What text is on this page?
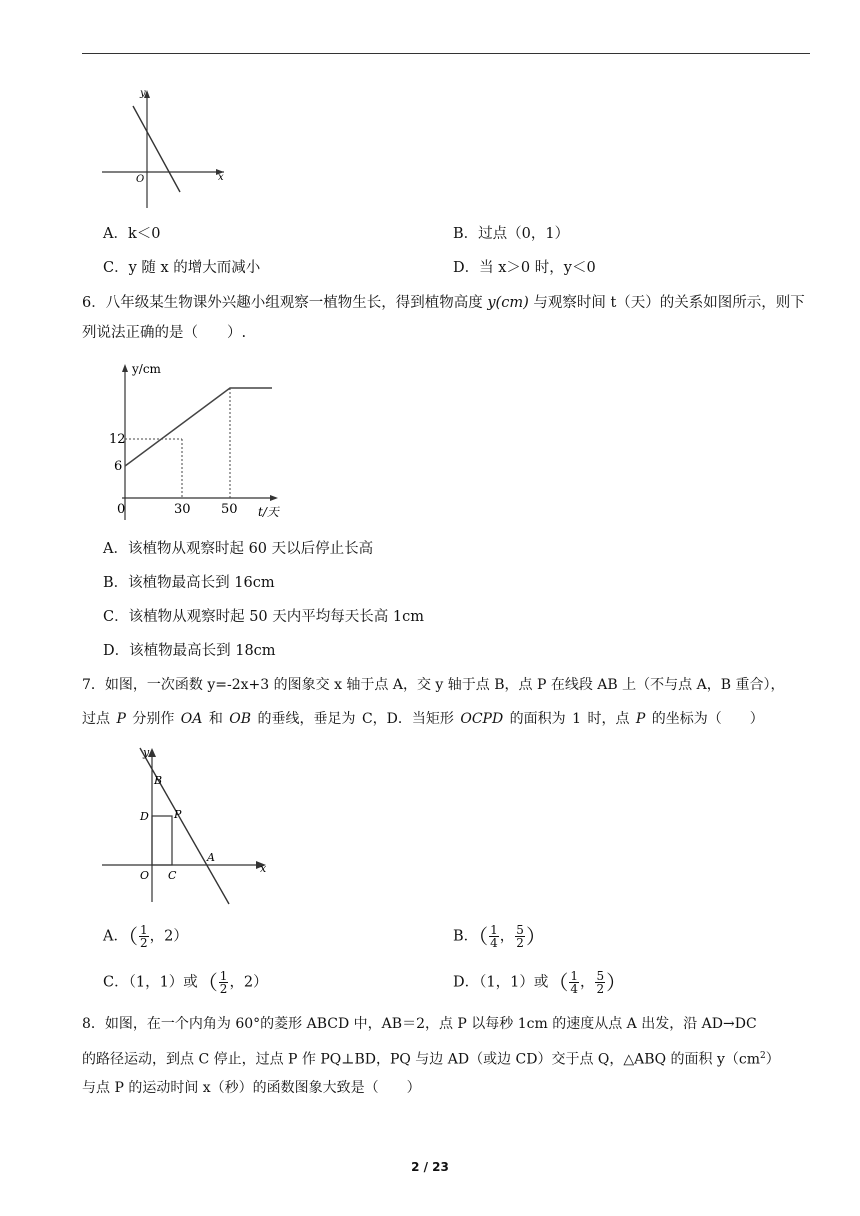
y
x
O
A．k＜0	B．过点（0，1）
C．y 随 x 的增大而减小	D．当 x＞0 时，y＜0
6．八年级某生物课外兴趣小组观察一植物生长，得到植物高度 y(cm) 与观察时间 t（天）的关系如图所示，则下列说法正确的是（　　）.
y/cm
12
6
0	30 50 t/天
A．该植物从观察时起 60 天以后停止长高
B．该植物最高长到 16cm
C．该植物从观察时起 50 天内平均每天长高 1cm
D．该植物最高长到 18cm
7．如图，一次函数 y=-2x+3 的图象交 x 轴于点 A，交 y 轴于点 B，点 P 在线段 AB 上（不与点 A，B 重合），
过点 P 分别作 OA 和 OB 的垂线，垂足为 C，D．当矩形 OCPD 的面积为 1 时，点 P 的坐标为（　　）
y
x
B
D P
A
O C
A．（ $\frac{1}{2}$ ，2）	B．（ $\frac{1}{4}$ ， $\frac{5}{2}$ ）
C．（1，1）或（ $\frac{1}{2}$ ，2）	D．（1，1）或（ $\frac{1}{4}$ ， $\frac{5}{2}$ ）
8．如图，在一个内角为 60°的菱形 ABCD 中，AB＝2，点 P 以每秒 1cm 的速度从点 A 出发，沿 AD→DC
的路径运动，到点 C 停止，过点 P 作 PQ⊥BD，PQ 与边 AD（或边 CD）交于点 Q，△ABQ 的面积 $y(cm^2)$
与点 P 的运动时间 x（秒）的函数图象大致是（　　）
2 / 23
